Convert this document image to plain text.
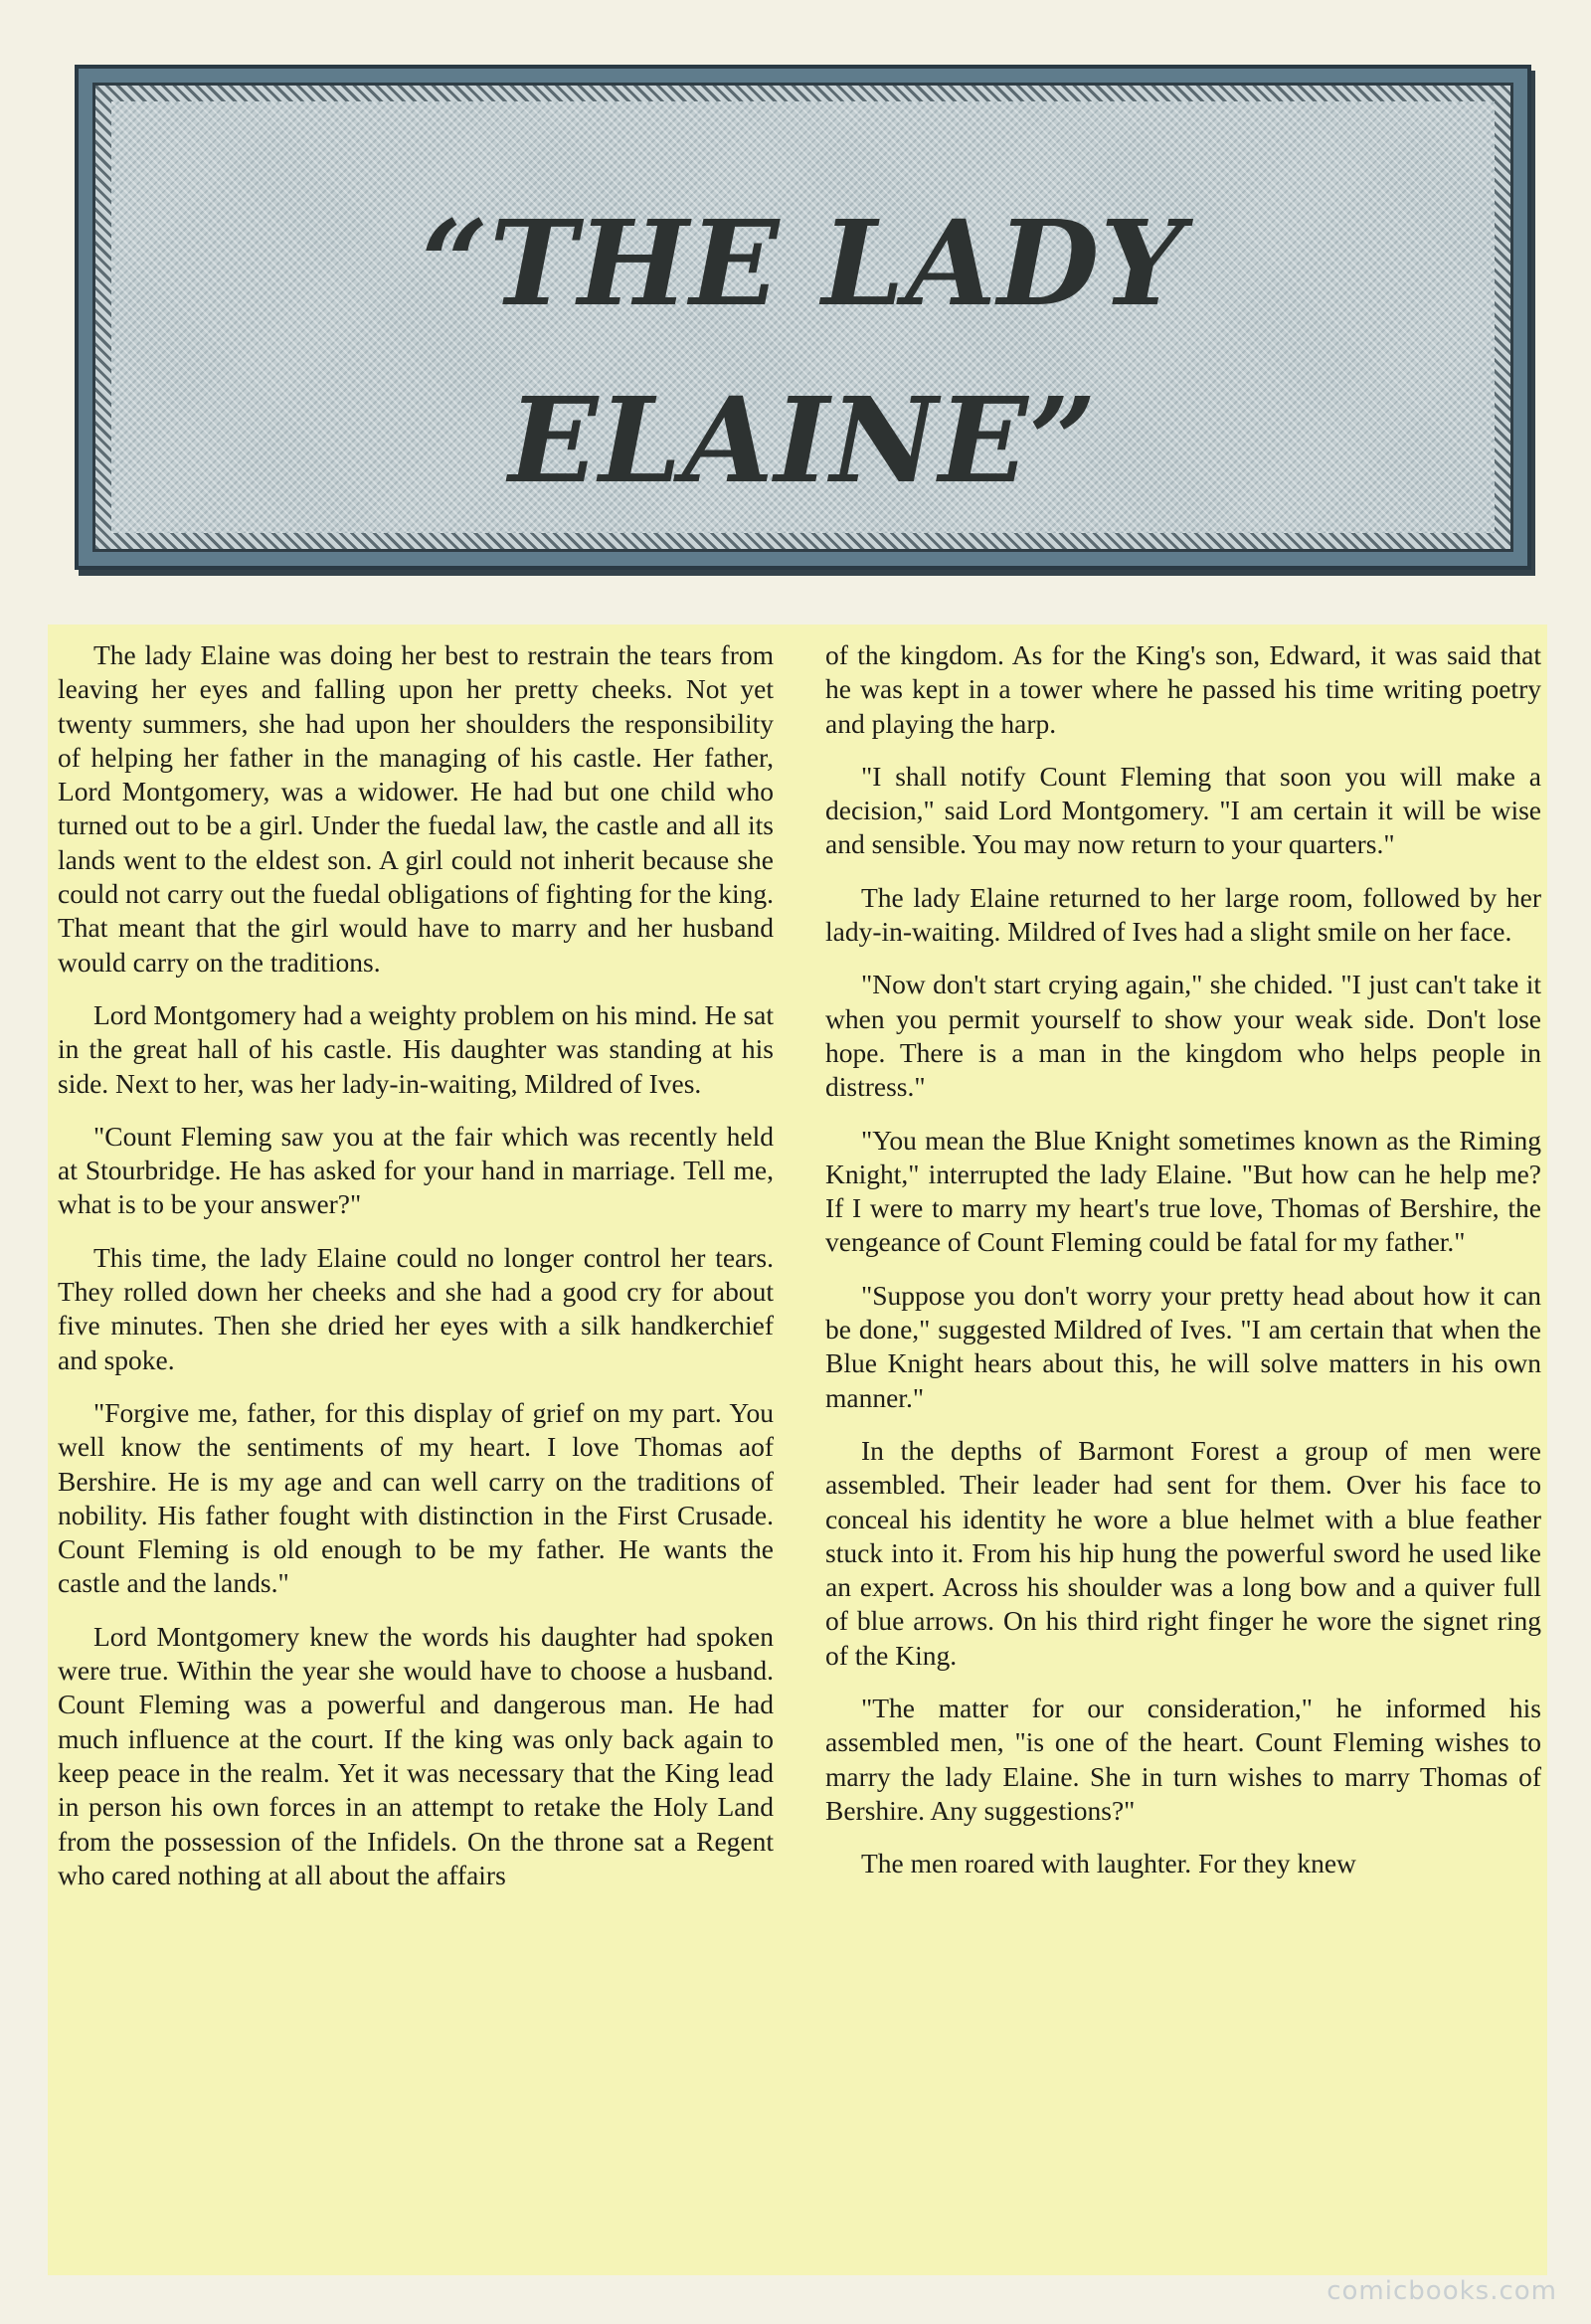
“THE LADY
ELAINE”

The lady Elaine was doing her best to restrain the tears from leaving her eyes and falling upon her pretty cheeks. Not yet twenty summers, she had upon her shoulders the responsibility of helping her father in the managing of his castle. Her father, Lord Montgomery, was a widower. He had but one child who turned out to be a girl. Under the fuedal law, the castle and all its lands went to the eldest son. A girl could not inherit because she could not carry out the fuedal obligations of fighting for the king. That meant that the girl would have to marry and her husband would carry on the traditions.

Lord Montgomery had a weighty problem on his mind. He sat in the great hall of his castle. His daughter was standing at his side. Next to her, was her lady-in-waiting, Mildred of Ives.

"Count Fleming saw you at the fair which was recently held at Stourbridge. He has asked for your hand in marriage. Tell me, what is to be your answer?"

This time, the lady Elaine could no longer control her tears. They rolled down her cheeks and she had a good cry for about five minutes. Then she dried her eyes with a silk handkerchief and spoke.

"Forgive me, father, for this display of grief on my part. You well know the sentiments of my heart. I love Thomas aof Bershire. He is my age and can well carry on the traditions of nobility. His father fought with distinction in the First Crusade. Count Fleming is old enough to be my father. He wants the castle and the lands."

Lord Montgomery knew the words his daughter had spoken were true. Within the year she would have to choose a husband. Count Fleming was a powerful and dangerous man. He had much influence at the court. If the king was only back again to keep peace in the realm. Yet it was necessary that the King lead in person his own forces in an attempt to retake the Holy Land from the possession of the Infidels. On the throne sat a Regent who cared nothing at all about the affairs

of the kingdom. As for the King's son, Edward, it was said that he was kept in a tower where he passed his time writing poetry and playing the harp.

"I shall notify Count Fleming that soon you will make a decision," said Lord Montgomery. "I am certain it will be wise and sensible. You may now return to your quarters."

The lady Elaine returned to her large room, followed by her lady-in-waiting. Mildred of Ives had a slight smile on her face.

"Now don't start crying again," she chided. "I just can't take it when you permit yourself to show your weak side. Don't lose hope. There is a man in the kingdom who helps people in distress."

"You mean the Blue Knight sometimes known as the Riming Knight," interrupted the lady Elaine. "But how can he help me? If I were to marry my heart's true love, Thomas of Bershire, the vengeance of Count Fleming could be fatal for my father."

"Suppose you don't worry your pretty head about how it can be done," suggested Mildred of Ives. "I am certain that when the Blue Knight hears about this, he will solve matters in his own manner."

In the depths of Barmont Forest a group of men were assembled. Their leader had sent for them. Over his face to conceal his identity he wore a blue helmet with a blue feather stuck into it. From his hip hung the powerful sword he used like an expert. Across his shoulder was a long bow and a quiver full of blue arrows. On his third right finger he wore the signet ring of the King.

"The matter for our consideration," he informed his assembled men, "is one of the heart. Count Fleming wishes to marry the lady Elaine. She in turn wishes to marry Thomas of Bershire. Any suggestions?"

The men roared with laughter. For they knew

comicbooks.com
